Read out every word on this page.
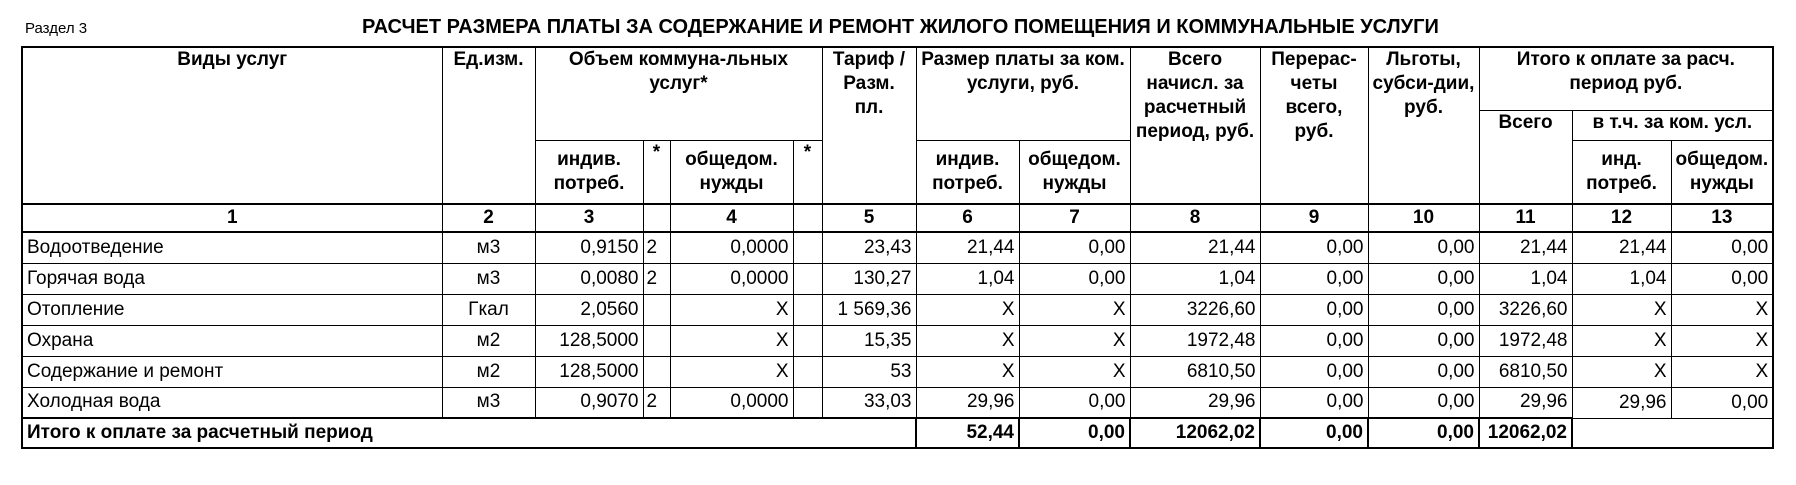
Раздел 3	РАСЧЕТ РАЗМЕРА ПЛАТЫ ЗА СОДЕРЖАНИЕ И РЕМОНТ ЖИЛОГО ПОМЕЩЕНИЯ И КОММУНАЛЬНЫЕ УСЛУГИ
Виды услуг	Ед.изм.	Объем коммуна-льных услуг*				Тариф / Разм. пл.	Размер платы за ком. услуги, руб.		Всего начисл. за расчетный период, руб.	Перерас-четы всего, руб.	Льготы, субси-дии, руб.	Итого к оплате за расч. период руб.		
												Всего	в т.ч. за ком. усл.	
		индив. потреб.	*	общедом. нужды	*		индив. потреб.	общедом. нужды					инд. потреб.	общедом. нужды
1	2	3		4		5	6	7	8	9	10	11	12	13
Водоотведение	м3	0,9150	2	0,0000		23,43	21,44	0,00	21,44	0,00	0,00	21,44	21,44	0,00
Горячая вода	м3	0,0080	2	0,0000		130,27	1,04	0,00	1,04	0,00	0,00	1,04	1,04	0,00
Отопление	Гкал	2,0560		X		1 569,36	X	X	3226,60	0,00	0,00	3226,60	X	X
Охрана	м2	128,5000		X		15,35	X	X	1972,48	0,00	0,00	1972,48	X	X
Содержание и ремонт	м2	128,5000		X		53	X	X	6810,50	0,00	0,00	6810,50	X	X
Холодная вода	м3	0,9070	2	0,0000		33,03	29,96	0,00	29,96	0,00	0,00	29,96	29,96	0,00
Итого к оплате за расчетный период							52,44	0,00	12062,02	0,00	0,00	12062,02		
